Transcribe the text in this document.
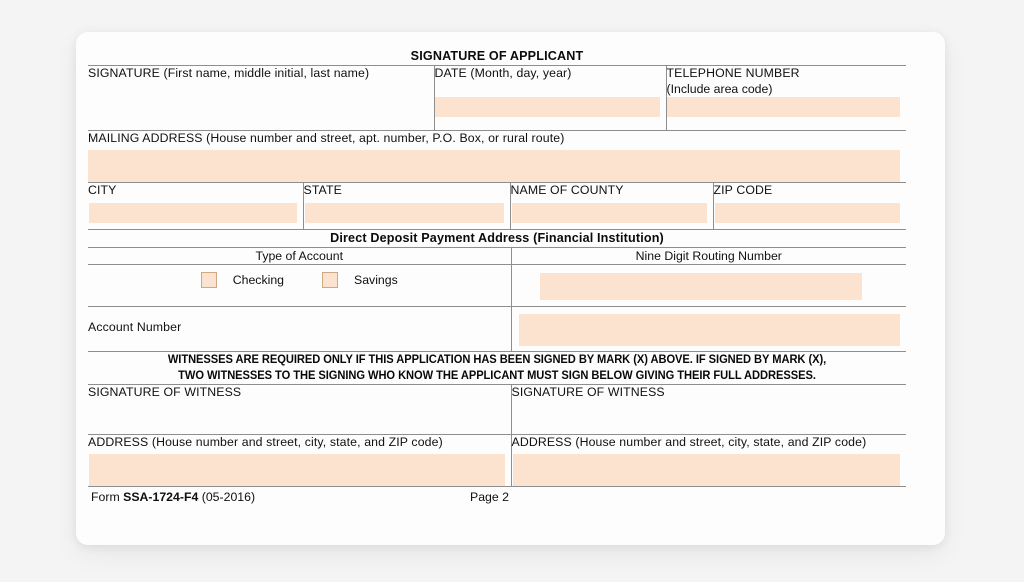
SIGNATURE OF APPLICANT

SIGNATURE (First name, middle initial, last name)	DATE (Month, day, year)	TELEPHONE NUMBER
(Include area code)
MAILING ADDRESS (House number and street, apt. number, P.O. Box, or rural route)

CITY	STATE	NAME OF COUNTY	ZIP CODE
Direct Deposit Payment Address (Financial Institution)	
Type of Account	Nine Digit Routing Number

Checking Savings	

Account Number	

WITNESSES ARE REQUIRED ONLY IF THIS APPLICATION HAS BEEN SIGNED BY MARK (X) ABOVE. IF SIGNED BY MARK (X),
TWO WITNESSES TO THE SIGNING WHO KNOW THE APPLICANT MUST SIGN BELOW GIVING THEIR FULL ADDRESSES.	

SIGNATURE OF WITNESS	SIGNATURE OF WITNESS

ADDRESS (House number and street, city, state, and ZIP code)	ADDRESS (House number and street, city, state, and ZIP code)
Form SSA-1724-F4 (05-2016)	Page 2
